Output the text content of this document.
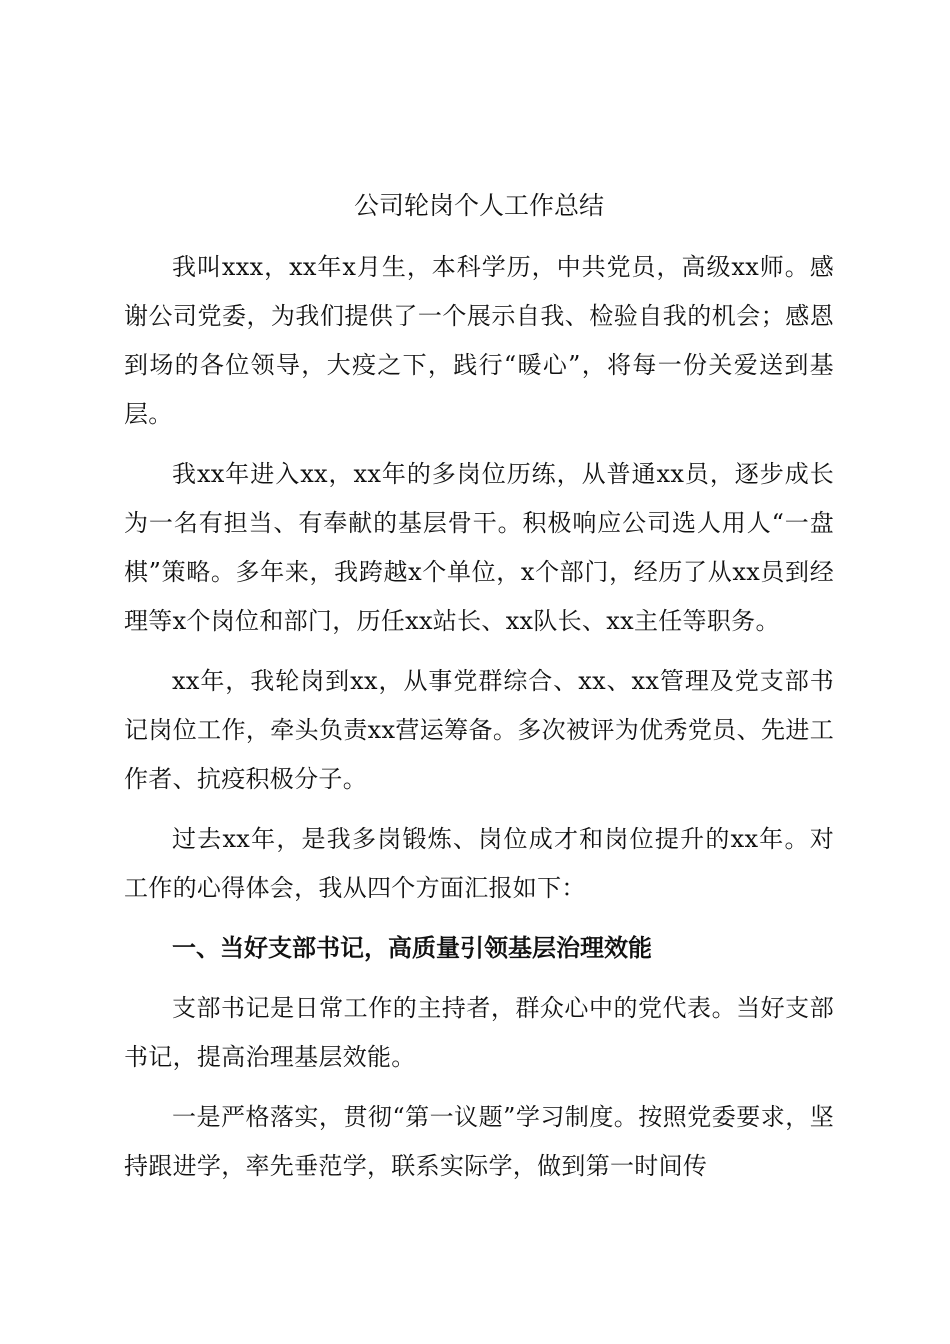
公司轮岗个人工作总结

我叫xxx，xx年x月生，本科学历，中共党员，高级xx师。感谢公司党委，为我们提供了一个展示自我、检验自我的机会；感恩到场的各位领导，大疫之下，践行“暖心”，将每一份关爱送到基层。

我xx年进入xx，xx年的多岗位历练，从普通xx员，逐步成长为一名有担当、有奉献的基层骨干。积极响应公司选人用人“一盘棋”策略。多年来，我跨越x个单位，x个部门，经历了从xx员到经理等x个岗位和部门，历任xx站长、xx队长、xx主任等职务。

xx年，我轮岗到xx，从事党群综合、xx、xx管理及党支部书记岗位工作，牵头负责xx营运筹备。多次被评为优秀党员、先进工作者、抗疫积极分子。

过去xx年，是我多岗锻炼、岗位成才和岗位提升的xx年。对工作的心得体会，我从四个方面汇报如下：

一、当好支部书记，高质量引领基层治理效能

支部书记是日常工作的主持者，群众心中的党代表。当好支部书记，提高治理基层效能。

一是严格落实，贯彻“第一议题”学习制度。按照党委要求，坚持跟进学，率先垂范学，联系实际学，做到第一时间传
